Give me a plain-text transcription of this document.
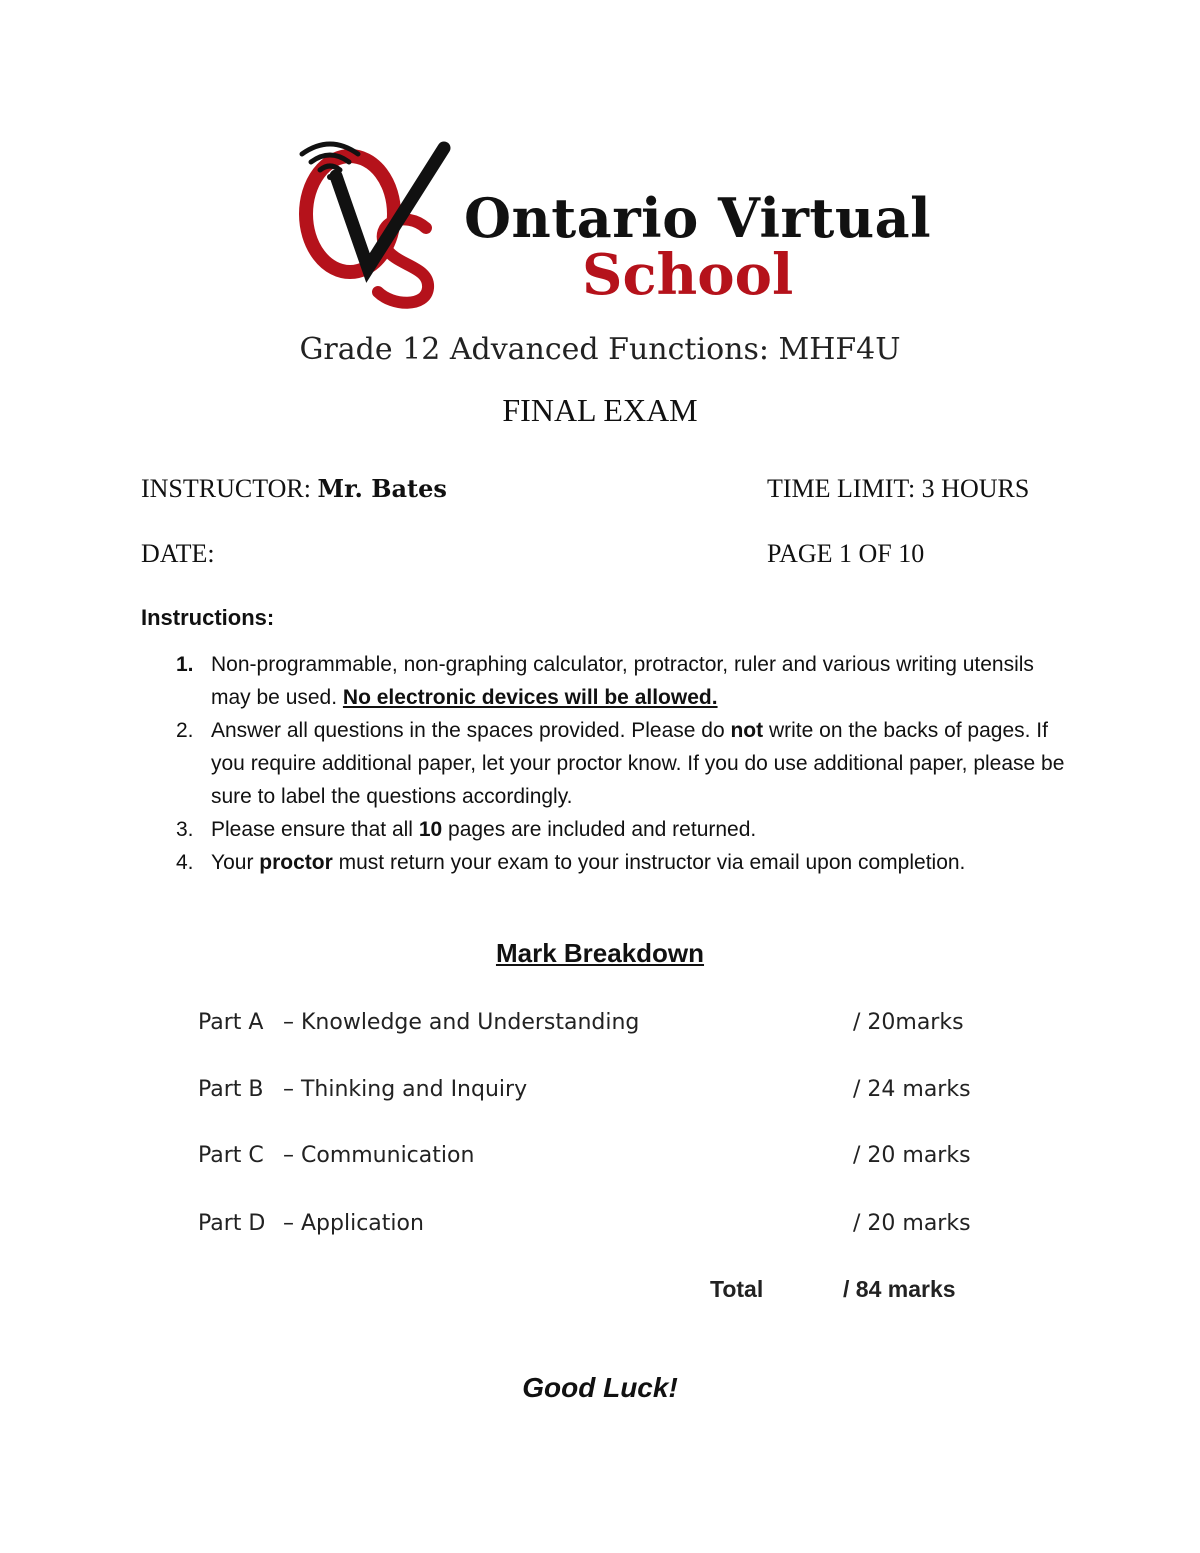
Ontario Virtual
School
Grade 12 Advanced Functions: MHF4U
FINAL EXAM
INSTRUCTOR: Mr. Bates	TIME LIMIT: 3 HOURS
DATE:	PAGE 1 OF 10
Instructions:
1. Non-programmable, non-graphing calculator, protractor, ruler and various writing utensils may be used. No electronic devices will be allowed.
2. Answer all questions in the spaces provided. Please do not write on the backs of pages. If you require additional paper, let your proctor know. If you do use additional paper, please be sure to label the questions accordingly.
3. Please ensure that all 10 pages are included and returned.
4. Your proctor must return your exam to your instructor via email upon completion.
Mark Breakdown
Part A – Knowledge and Understanding	/ 20marks
Part B – Thinking and Inquiry	/ 24 marks
Part C – Communication	/ 20 marks
Part D – Application	/ 20 marks
Total	/ 84 marks
Good Luck!
